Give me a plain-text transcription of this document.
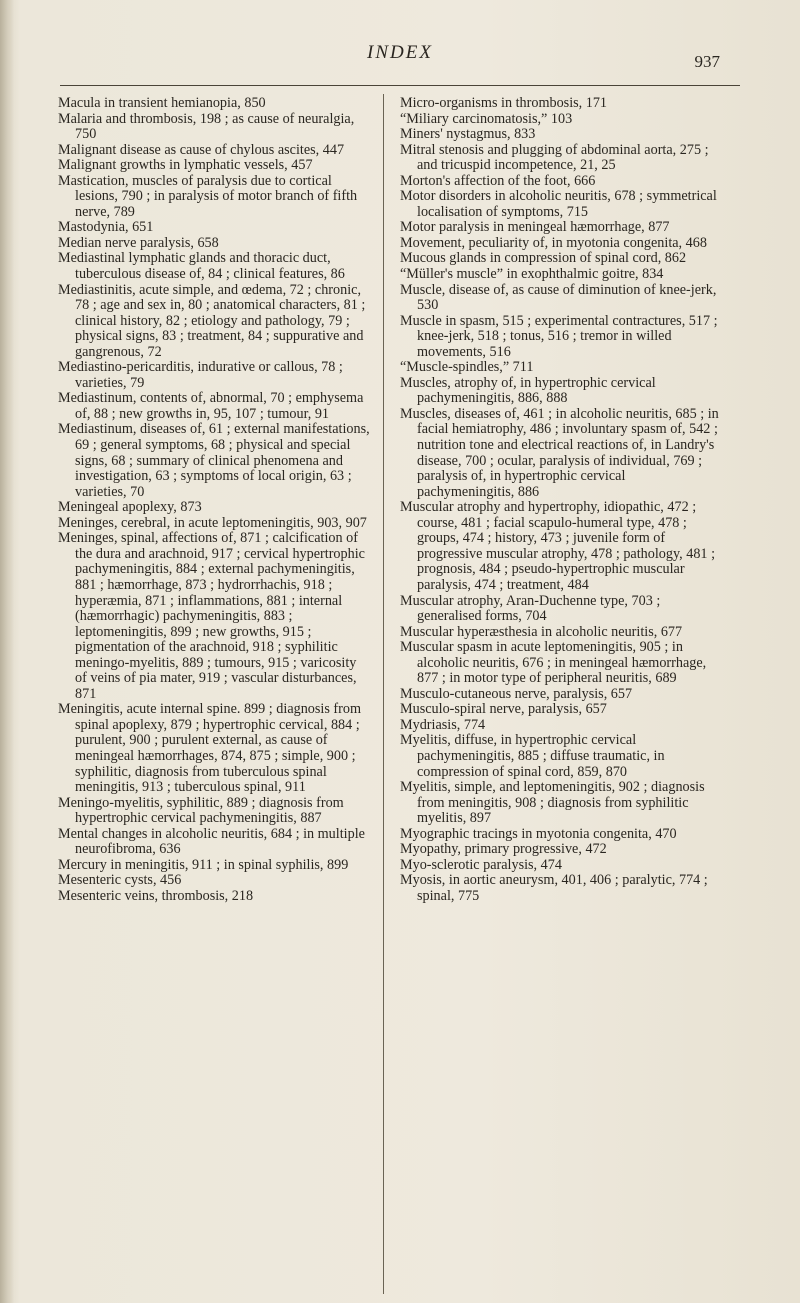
INDEX	937

Macula in transient hemianopia, 850

Malaria and thrombosis, 198 ; as cause of neuralgia, 750

Malignant disease as cause of chylous ascites, 447

Malignant growths in lymphatic vessels, 457

Mastication, muscles of paralysis due to cortical lesions, 790 ; in paralysis of motor branch of fifth nerve, 789

Mastodynia, 651

Median nerve paralysis, 658

Mediastinal lymphatic glands and thoracic duct, tuberculous disease of, 84 ; clinical features, 86

Mediastinitis, acute simple, and œdema, 72 ; chronic, 78 ; age and sex in, 80 ; anatomical characters, 81 ; clinical history, 82 ; etiology and pathology, 79 ; physical signs, 83 ; treatment, 84 ; suppurative and gangrenous, 72

Mediastino-pericarditis, indurative or callous, 78 ; varieties, 79

Mediastinum, contents of, abnormal, 70 ; emphysema of, 88 ; new growths in, 95, 107 ; tumour, 91

Mediastinum, diseases of, 61 ; external manifestations, 69 ; general symptoms, 68 ; physical and special signs, 68 ; summary of clinical phenomena and investigation, 63 ; symptoms of local origin, 63 ; varieties, 70

Meningeal apoplexy, 873

Meninges, cerebral, in acute leptomeningitis, 903, 907

Meninges, spinal, affections of, 871 ; calcification of the dura and arachnoid, 917 ; cervical hypertrophic pachymeningitis, 884 ; external pachymeningitis, 881 ; hæmorrhage, 873 ; hydrorrhachis, 918 ; hyperæmia, 871 ; inflammations, 881 ; internal (hæmorrhagic) pachymeningitis, 883 ; leptomeningitis, 899 ; new growths, 915 ; pigmentation of the arachnoid, 918 ; syphilitic meningo-myelitis, 889 ; tumours, 915 ; varicosity of veins of pia mater, 919 ; vascular disturbances, 871

Meningitis, acute internal spine. 899 ; diagnosis from spinal apoplexy, 879 ; hypertrophic cervical, 884 ; purulent, 900 ; purulent external, as cause of meningeal hæmorrhages, 874, 875 ; simple, 900 ; syphilitic, diagnosis from tuberculous spinal meningitis, 913 ; tuberculous spinal, 911

Meningo-myelitis, syphilitic, 889 ; diagnosis from hypertrophic cervical pachymeningitis, 887

Mental changes in alcoholic neuritis, 684 ; in multiple neurofibroma, 636

Mercury in meningitis, 911 ; in spinal syphilis, 899

Mesenteric cysts, 456

Mesenteric veins, thrombosis, 218

Micro-organisms in thrombosis, 171

“Miliary carcinomatosis,” 103

Miners' nystagmus, 833

Mitral stenosis and plugging of abdominal aorta, 275 ; and tricuspid incompetence, 21, 25

Morton's affection of the foot, 666

Motor disorders in alcoholic neuritis, 678 ; symmetrical localisation of symptoms, 715

Motor paralysis in meningeal hæmorrhage, 877

Movement, peculiarity of, in myotonia congenita, 468

Mucous glands in compression of spinal cord, 862

“Müller's muscle” in exophthalmic goitre, 834

Muscle, disease of, as cause of diminution of knee-jerk, 530

Muscle in spasm, 515 ; experimental contractures, 517 ; knee-jerk, 518 ; tonus, 516 ; tremor in willed movements, 516

“Muscle-spindles,” 711

Muscles, atrophy of, in hypertrophic cervical pachymeningitis, 886, 888

Muscles, diseases of, 461 ; in alcoholic neuritis, 685 ; in facial hemiatrophy, 486 ; involuntary spasm of, 542 ; nutrition tone and electrical reactions of, in Landry's disease, 700 ; ocular, paralysis of individual, 769 ; paralysis of, in hypertrophic cervical pachymeningitis, 886

Muscular atrophy and hypertrophy, idiopathic, 472 ; course, 481 ; facial scapulo-humeral type, 478 ; groups, 474 ; history, 473 ; juvenile form of progressive muscular atrophy, 478 ; pathology, 481 ; prognosis, 484 ; pseudo-hypertrophic muscular paralysis, 474 ; treatment, 484

Muscular atrophy, Aran-Duchenne type, 703 ; generalised forms, 704

Muscular hyperæsthesia in alcoholic neuritis, 677

Muscular spasm in acute leptomeningitis, 905 ; in alcoholic neuritis, 676 ; in meningeal hæmorrhage, 877 ; in motor type of peripheral neuritis, 689

Musculo-cutaneous nerve, paralysis, 657

Musculo-spiral nerve, paralysis, 657

Mydriasis, 774

Myelitis, diffuse, in hypertrophic cervical pachymeningitis, 885 ; diffuse traumatic, in compression of spinal cord, 859, 870

Myelitis, simple, and leptomeningitis, 902 ; diagnosis from meningitis, 908 ; diagnosis from syphilitic myelitis, 897

Myographic tracings in myotonia congenita, 470

Myopathy, primary progressive, 472

Myo-sclerotic paralysis, 474

Myosis, in aortic aneurysm, 401, 406 ; paralytic, 774 ; spinal, 775
